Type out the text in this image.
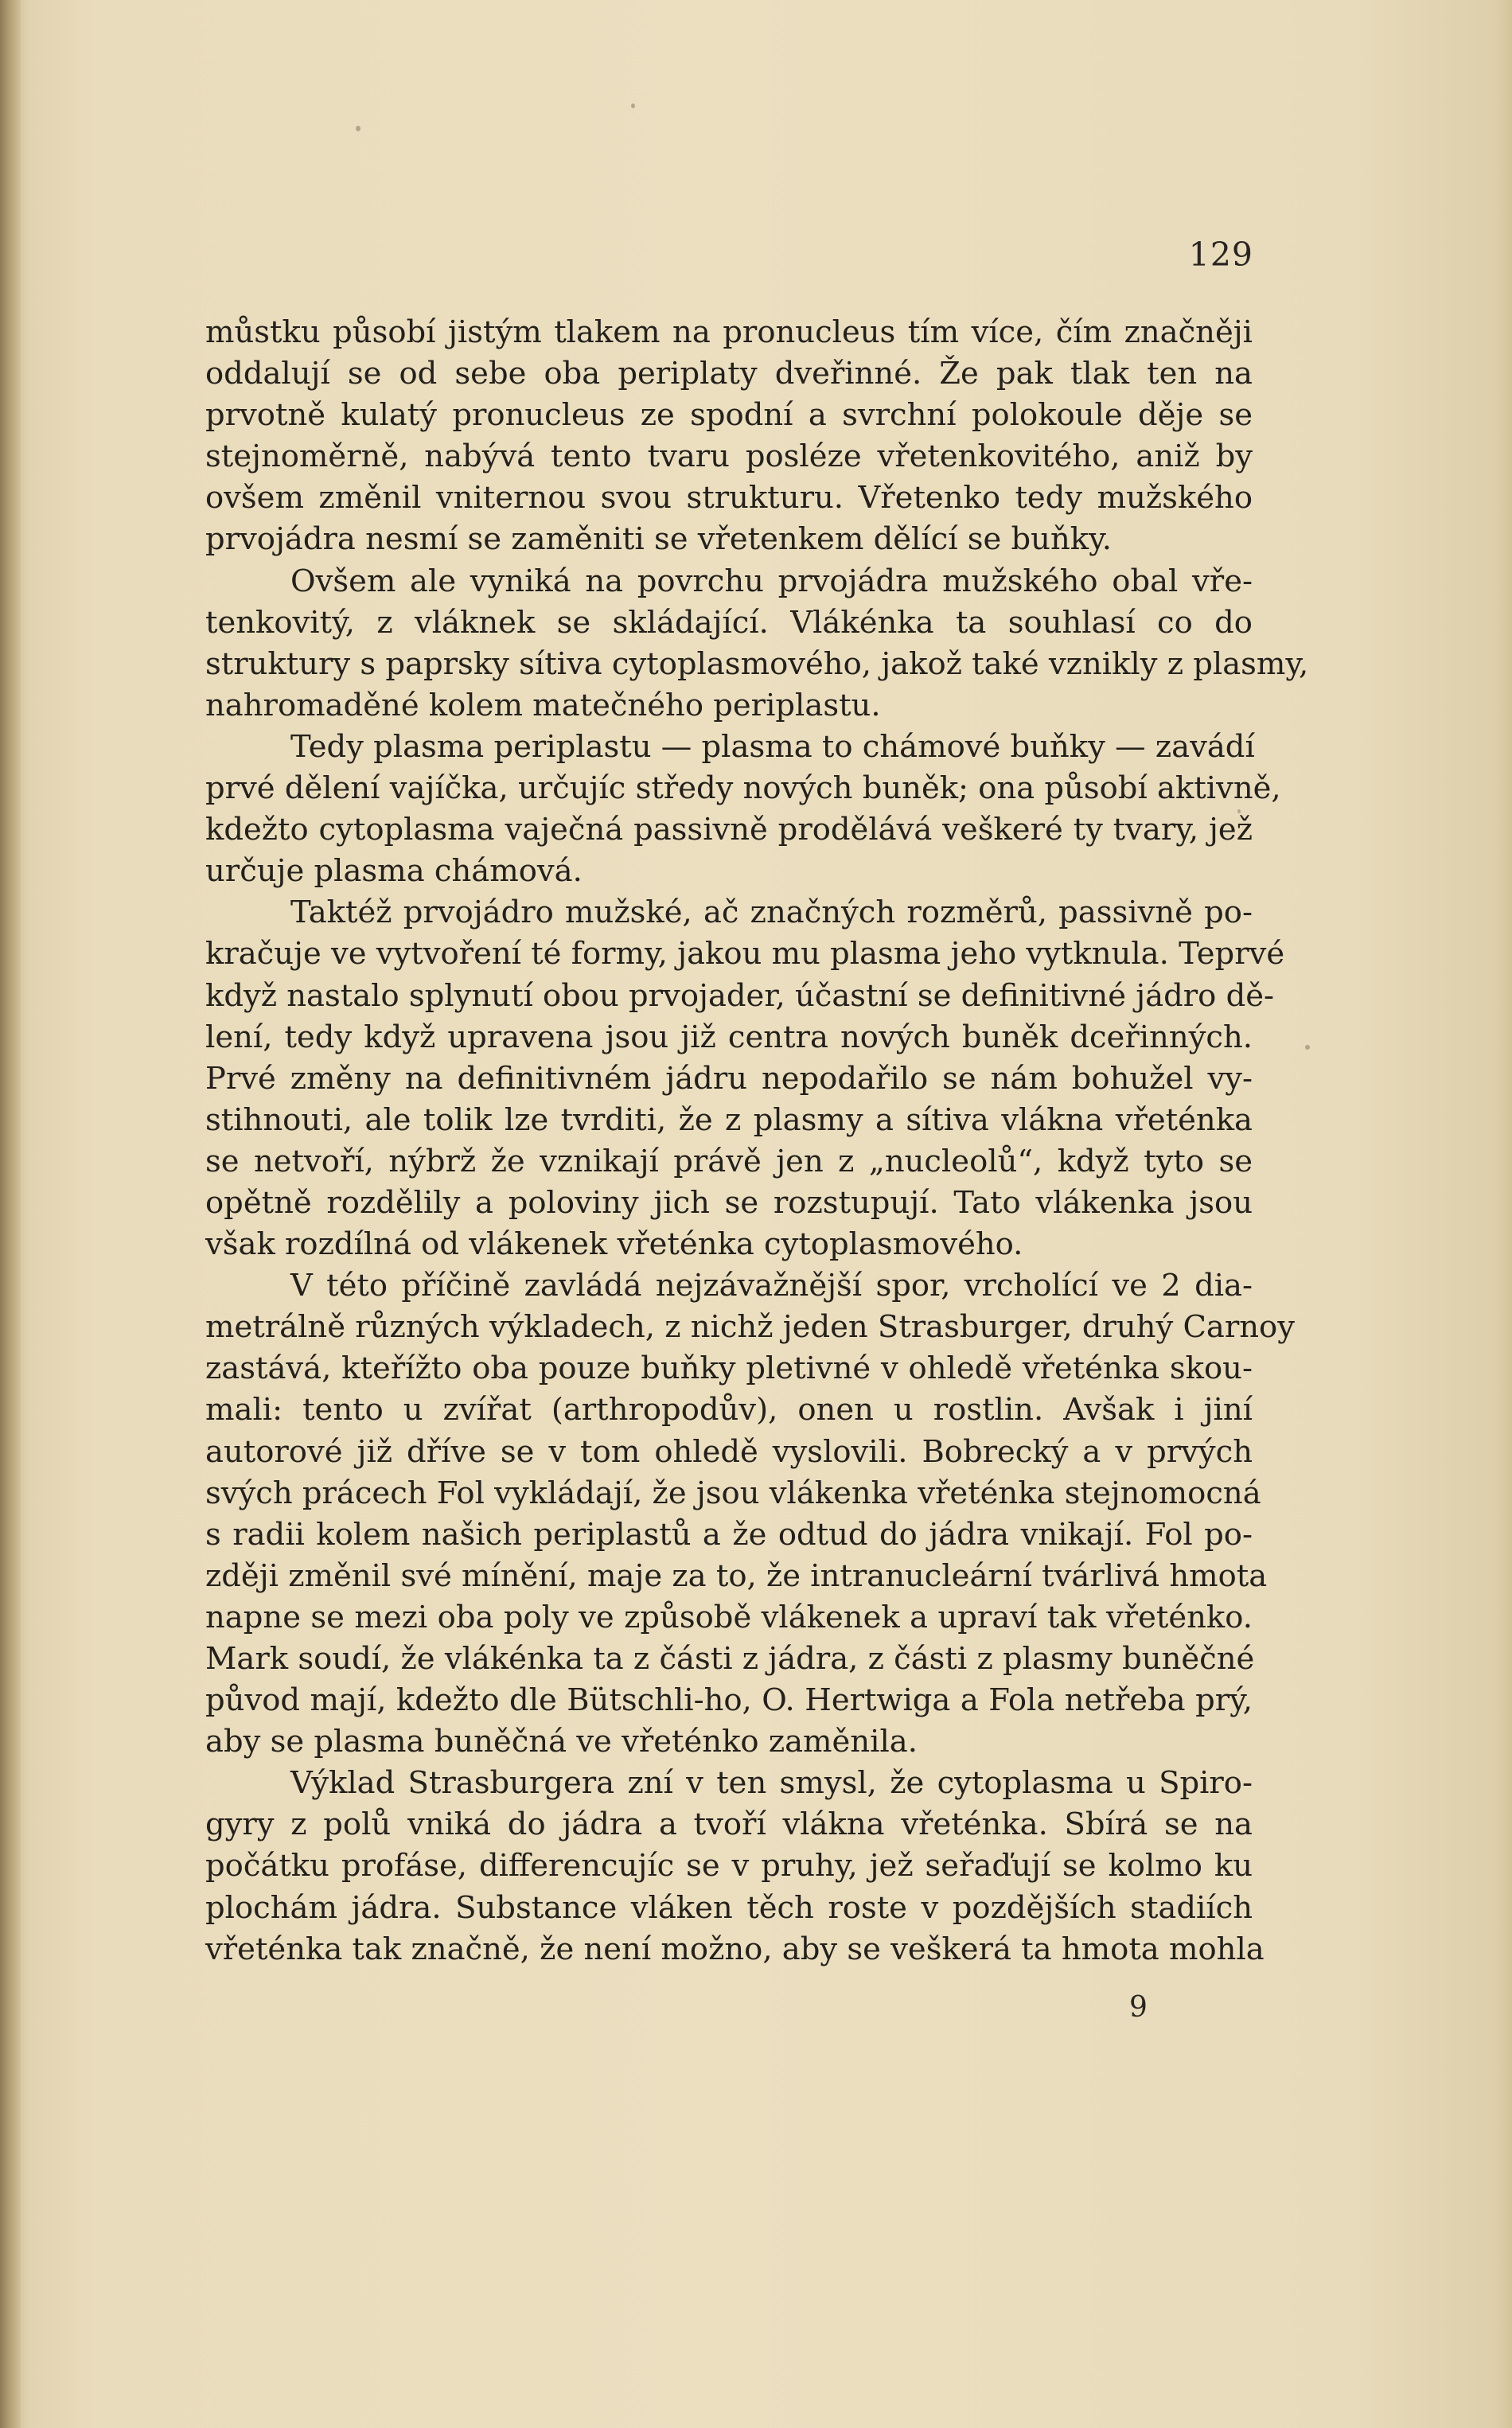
129
můstku působí jistým tlakem na pronucleus tím více, čím značněji
oddalují se od sebe oba periplaty dveřinné. Že pak tlak ten na
prvotně kulatý pronucleus ze spodní a svrchní polokoule děje se
stejnoměrně, nabývá tento tvaru posléze vřetenkovitého, aniž by
ovšem změnil vniternou svou strukturu. Vřetenko tedy mužského
prvojádra nesmí se zaměniti se vřetenkem dělící se buňky.
Ovšem ale vyniká na povrchu prvojádra mužského obal vře-
tenkovitý, z vláknek se skládající. Vlákénka ta souhlasí co do
struktury s paprsky sítiva cytoplasmového, jakož také vznikly z plasmy,
nahromaděné kolem matečného periplastu.
Tedy plasma periplastu — plasma to chámové buňky — zavádí
prvé dělení vajíčka, určujíc středy nových buněk; ona působí aktivně,
kdežto cytoplasma vaječná passivně prodělává veškeré ty tvary, jež
určuje plasma chámová.
Taktéž prvojádro mužské, ač značných rozměrů, passivně po-
kračuje ve vytvoření té formy, jakou mu plasma jeho vytknula. Teprvé
když nastalo splynutí obou prvojader, účastní se definitivné jádro dě-
lení, tedy když upravena jsou již centra nových buněk dceřinných.
Prvé změny na definitivném jádru nepodařilo se nám bohužel vy-
stihnouti, ale tolik lze tvrditi, že z plasmy a sítiva vlákna vřeténka
se netvoří, nýbrž že vznikají právě jen z „nucleolů“, když tyto se
opětně rozdělily a poloviny jich se rozstupují. Tato vlákenka jsou
však rozdílná od vlákenek vřeténka cytoplasmového.
V této příčině zavládá nejzávažnější spor, vrcholící ve 2 dia-
metrálně různých výkladech, z nichž jeden Strasburger, druhý Carnoy
zastává, kteřížto oba pouze buňky pletivné v ohledě vřeténka skou-
mali: tento u zvířat (arthropodův), onen u rostlin. Avšak i jiní
autorové již dříve se v tom ohledě vyslovili. Bobrecký a v prvých
svých prácech Fol vykládají, že jsou vlákenka vřeténka stejnomocná
s radii kolem našich periplastů a že odtud do jádra vnikají. Fol po-
zději změnil své mínění, maje za to, že intranucleární tvárlivá hmota
napne se mezi oba poly ve způsobě vlákenek a upraví tak vřeténko.
Mark soudí, že vlákénka ta z části z jádra, z části z plasmy buněčné
původ mají, kdežto dle Bütschli-ho, O. Hertwiga a Fola netřeba prý,
aby se plasma buněčná ve vřeténko zaměnila.
Výklad Strasburgera zní v ten smysl, že cytoplasma u Spiro-
gyry z polů vniká do jádra a tvoří vlákna vřeténka. Sbírá se na
počátku profáse, differencujíc se v pruhy, jež seřaďují se kolmo ku
plochám jádra. Substance vláken těch roste v pozdějších stadiích
vřeténka tak značně, že není možno, aby se veškerá ta hmota mohla
9
